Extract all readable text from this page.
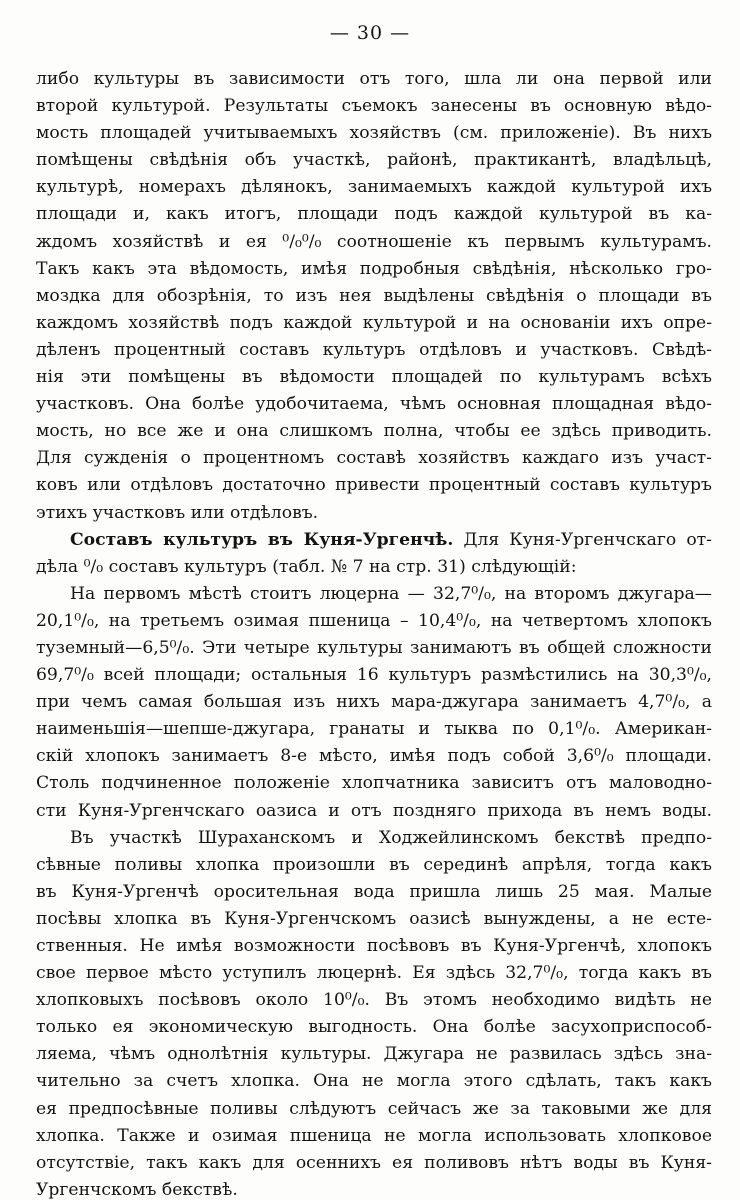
— 30 —
либо культуры въ зависимости отъ того, шла ли она первой или
второй культурой. Результаты съемокъ занесены въ основную вѣдо-
мость площадей учитываемыхъ хозяйствъ (см. приложеніе). Въ нихъ
помѣщены свѣдѣнія объ участкѣ, районѣ, практикантѣ, владѣльцѣ,
культурѣ, номерахъ дѣлянокъ, занимаемыхъ каждой культурой ихъ
площади и, какъ итогъ, площади подъ каждой культурой въ ка-
ждомъ хозяйствѣ и ея ⁰/₀⁰/₀ соотношеніе къ первымъ культурамъ.
Такъ какъ эта вѣдомость, имѣя подробныя свѣдѣнія, нѣсколько гро-
моздка для обозрѣнія, то изъ нея выдѣлены свѣдѣнія о площади въ
каждомъ хозяйствѣ подъ каждой культурой и на основаніи ихъ опре-
дѣленъ процентный составъ культуръ отдѣловъ и участковъ. Свѣдѣ-
нія эти помѣщены въ вѣдомости площадей по культурамъ всѣхъ
участковъ. Она болѣе удобочитаема, чѣмъ основная площадная вѣдо-
мость, но все же и она слишкомъ полна, чтобы ее здѣсь приводить.
Для сужденія о процентномъ составѣ хозяйствъ каждаго изъ участ-
ковъ или отдѣловъ достаточно привести процентный составъ культуръ
этихъ участковъ или отдѣловъ.
Составъ культуръ въ Куня-Ургенчѣ. Для Куня-Ургенчскаго от-
дѣла ⁰/₀ составъ культуръ (табл. № 7 на стр. 31) слѣдующій:
На первомъ мѣстѣ стоитъ люцерна — 32,7⁰/₀, на второмъ джугара—
20,1⁰/₀, на третьемъ озимая пшеница – 10,4⁰/₀, на четвертомъ хлопокъ
туземный—6,5⁰/₀. Эти четыре культуры занимаютъ въ общей сложности
69,7⁰/₀ всей площади; остальныя 16 культуръ размѣстились на 30,3⁰/₀,
при чемъ самая большая изъ нихъ мара-джугара занимаетъ 4,7⁰/₀, а
наименьшія—шепше-джугара, гранаты и тыква по 0,1⁰/₀. Американ-
скій хлопокъ занимаетъ 8-е мѣсто, имѣя подъ собой 3,6⁰/₀ площади.
Столь подчиненное положеніе хлопчатника зависитъ отъ маловодно-
сти Куня-Ургенчскаго оазиса и отъ поздняго прихода въ немъ воды.
Въ участкѣ Шураханскомъ и Ходжейлинскомъ бекствѣ предпо-
сѣвные поливы хлопка произошли въ серединѣ апрѣля, тогда какъ
въ Куня-Ургенчѣ оросительная вода пришла лишь 25 мая. Малые
посѣвы хлопка въ Куня-Ургенчскомъ оазисѣ вынуждены, а не есте-
ственныя. Не имѣя возможности посѣвовъ въ Куня-Ургенчѣ, хлопокъ
свое первое мѣсто уступилъ люцернѣ. Ея здѣсь 32,7⁰/₀, тогда какъ въ
хлопковыхъ посѣвовъ около 10⁰/₀. Въ этомъ необходимо видѣть не
только ея экономическую выгодность. Она болѣе засухоприспособ-
ляема, чѣмъ однолѣтнія культуры. Джугара не развилась здѣсь зна-
чительно за счетъ хлопка. Она не могла этого сдѣлать, такъ какъ
ея предпосѣвные поливы слѣдуютъ сейчасъ же за таковыми же для
хлопка. Также и озимая пшеница не могла использовать хлопковое
отсутствіе, такъ какъ для осеннихъ ея поливовъ нѣтъ воды въ Куня-
Ургенчскомъ бекствѣ.
